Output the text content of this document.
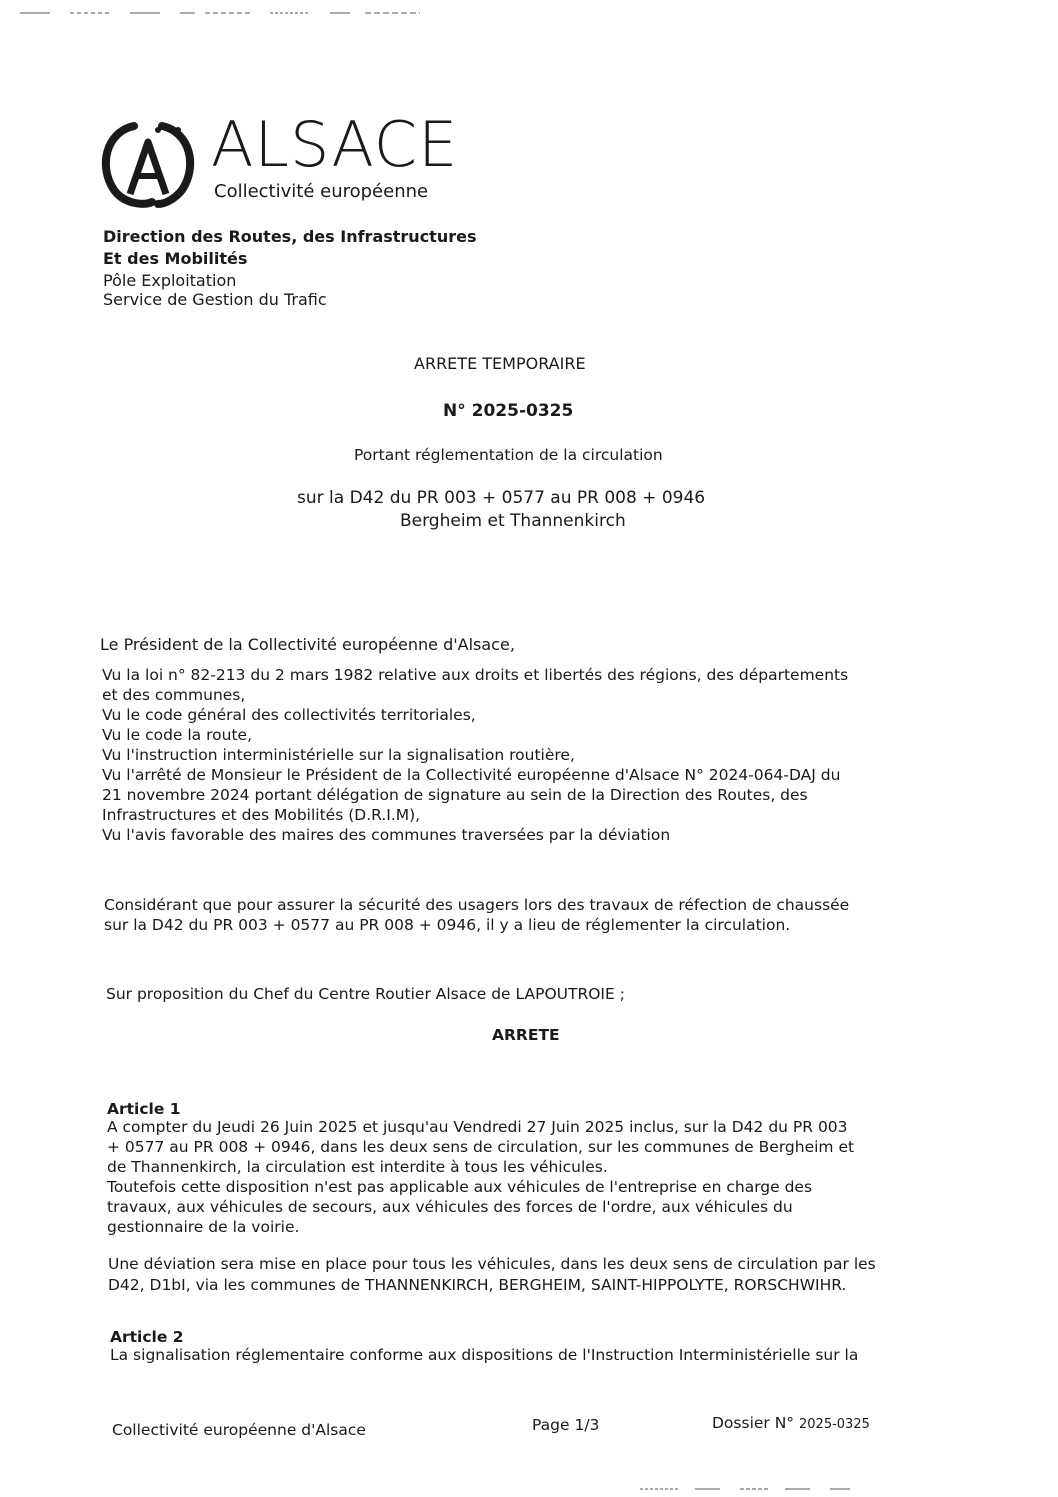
ALSACE
Collectivité européenne
Direction des Routes, des Infrastructures
Et des Mobilités
Pôle Exploitation
Service de Gestion du Trafic
ARRETE TEMPORAIRE
N° 2025-0325
Portant réglementation de la circulation
sur la D42 du PR 003 + 0577 au PR 008 + 0946
Bergheim et Thannenkirch
Le Président de la Collectivité européenne d'Alsace,
Vu la loi n° 82-213 du 2 mars 1982 relative aux droits et libertés des régions, des départements
et des communes,
Vu le code général des collectivités territoriales,
Vu le code la route,
Vu l'instruction interministérielle sur la signalisation routière,
Vu l'arrêté de Monsieur le Président de la Collectivité européenne d'Alsace N° 2024-064-DAJ du
21 novembre 2024 portant délégation de signature au sein de la Direction des Routes, des
Infrastructures et des Mobilités (D.R.I.M),
Vu l'avis favorable des maires des communes traversées par la déviation
Considérant que pour assurer la sécurité des usagers lors des travaux de réfection de chaussée
sur la D42 du PR 003 + 0577 au PR 008 + 0946, il y a lieu de réglementer la circulation.
Sur proposition du Chef du Centre Routier Alsace de LAPOUTROIE ;
ARRETE
Article 1
A compter du Jeudi 26 Juin 2025 et jusqu'au Vendredi 27 Juin 2025 inclus, sur la D42 du PR 003
+ 0577 au PR 008 + 0946, dans les deux sens de circulation, sur les communes de Bergheim et
de Thannenkirch, la circulation est interdite à tous les véhicules.
Toutefois cette disposition n'est pas applicable aux véhicules de l'entreprise en charge des
travaux, aux véhicules de secours, aux véhicules des forces de l'ordre, aux véhicules du
gestionnaire de la voirie.
Une déviation sera mise en place pour tous les véhicules, dans les deux sens de circulation par les
D42, D1bI, via les communes de THANNENKIRCH, BERGHEIM, SAINT-HIPPOLYTE, RORSCHWIHR.
Article 2
La signalisation réglementaire conforme aux dispositions de l'Instruction Interministérielle sur la
Collectivité européenne d'Alsace	Page 1/3	Dossier N° 2025-0325
